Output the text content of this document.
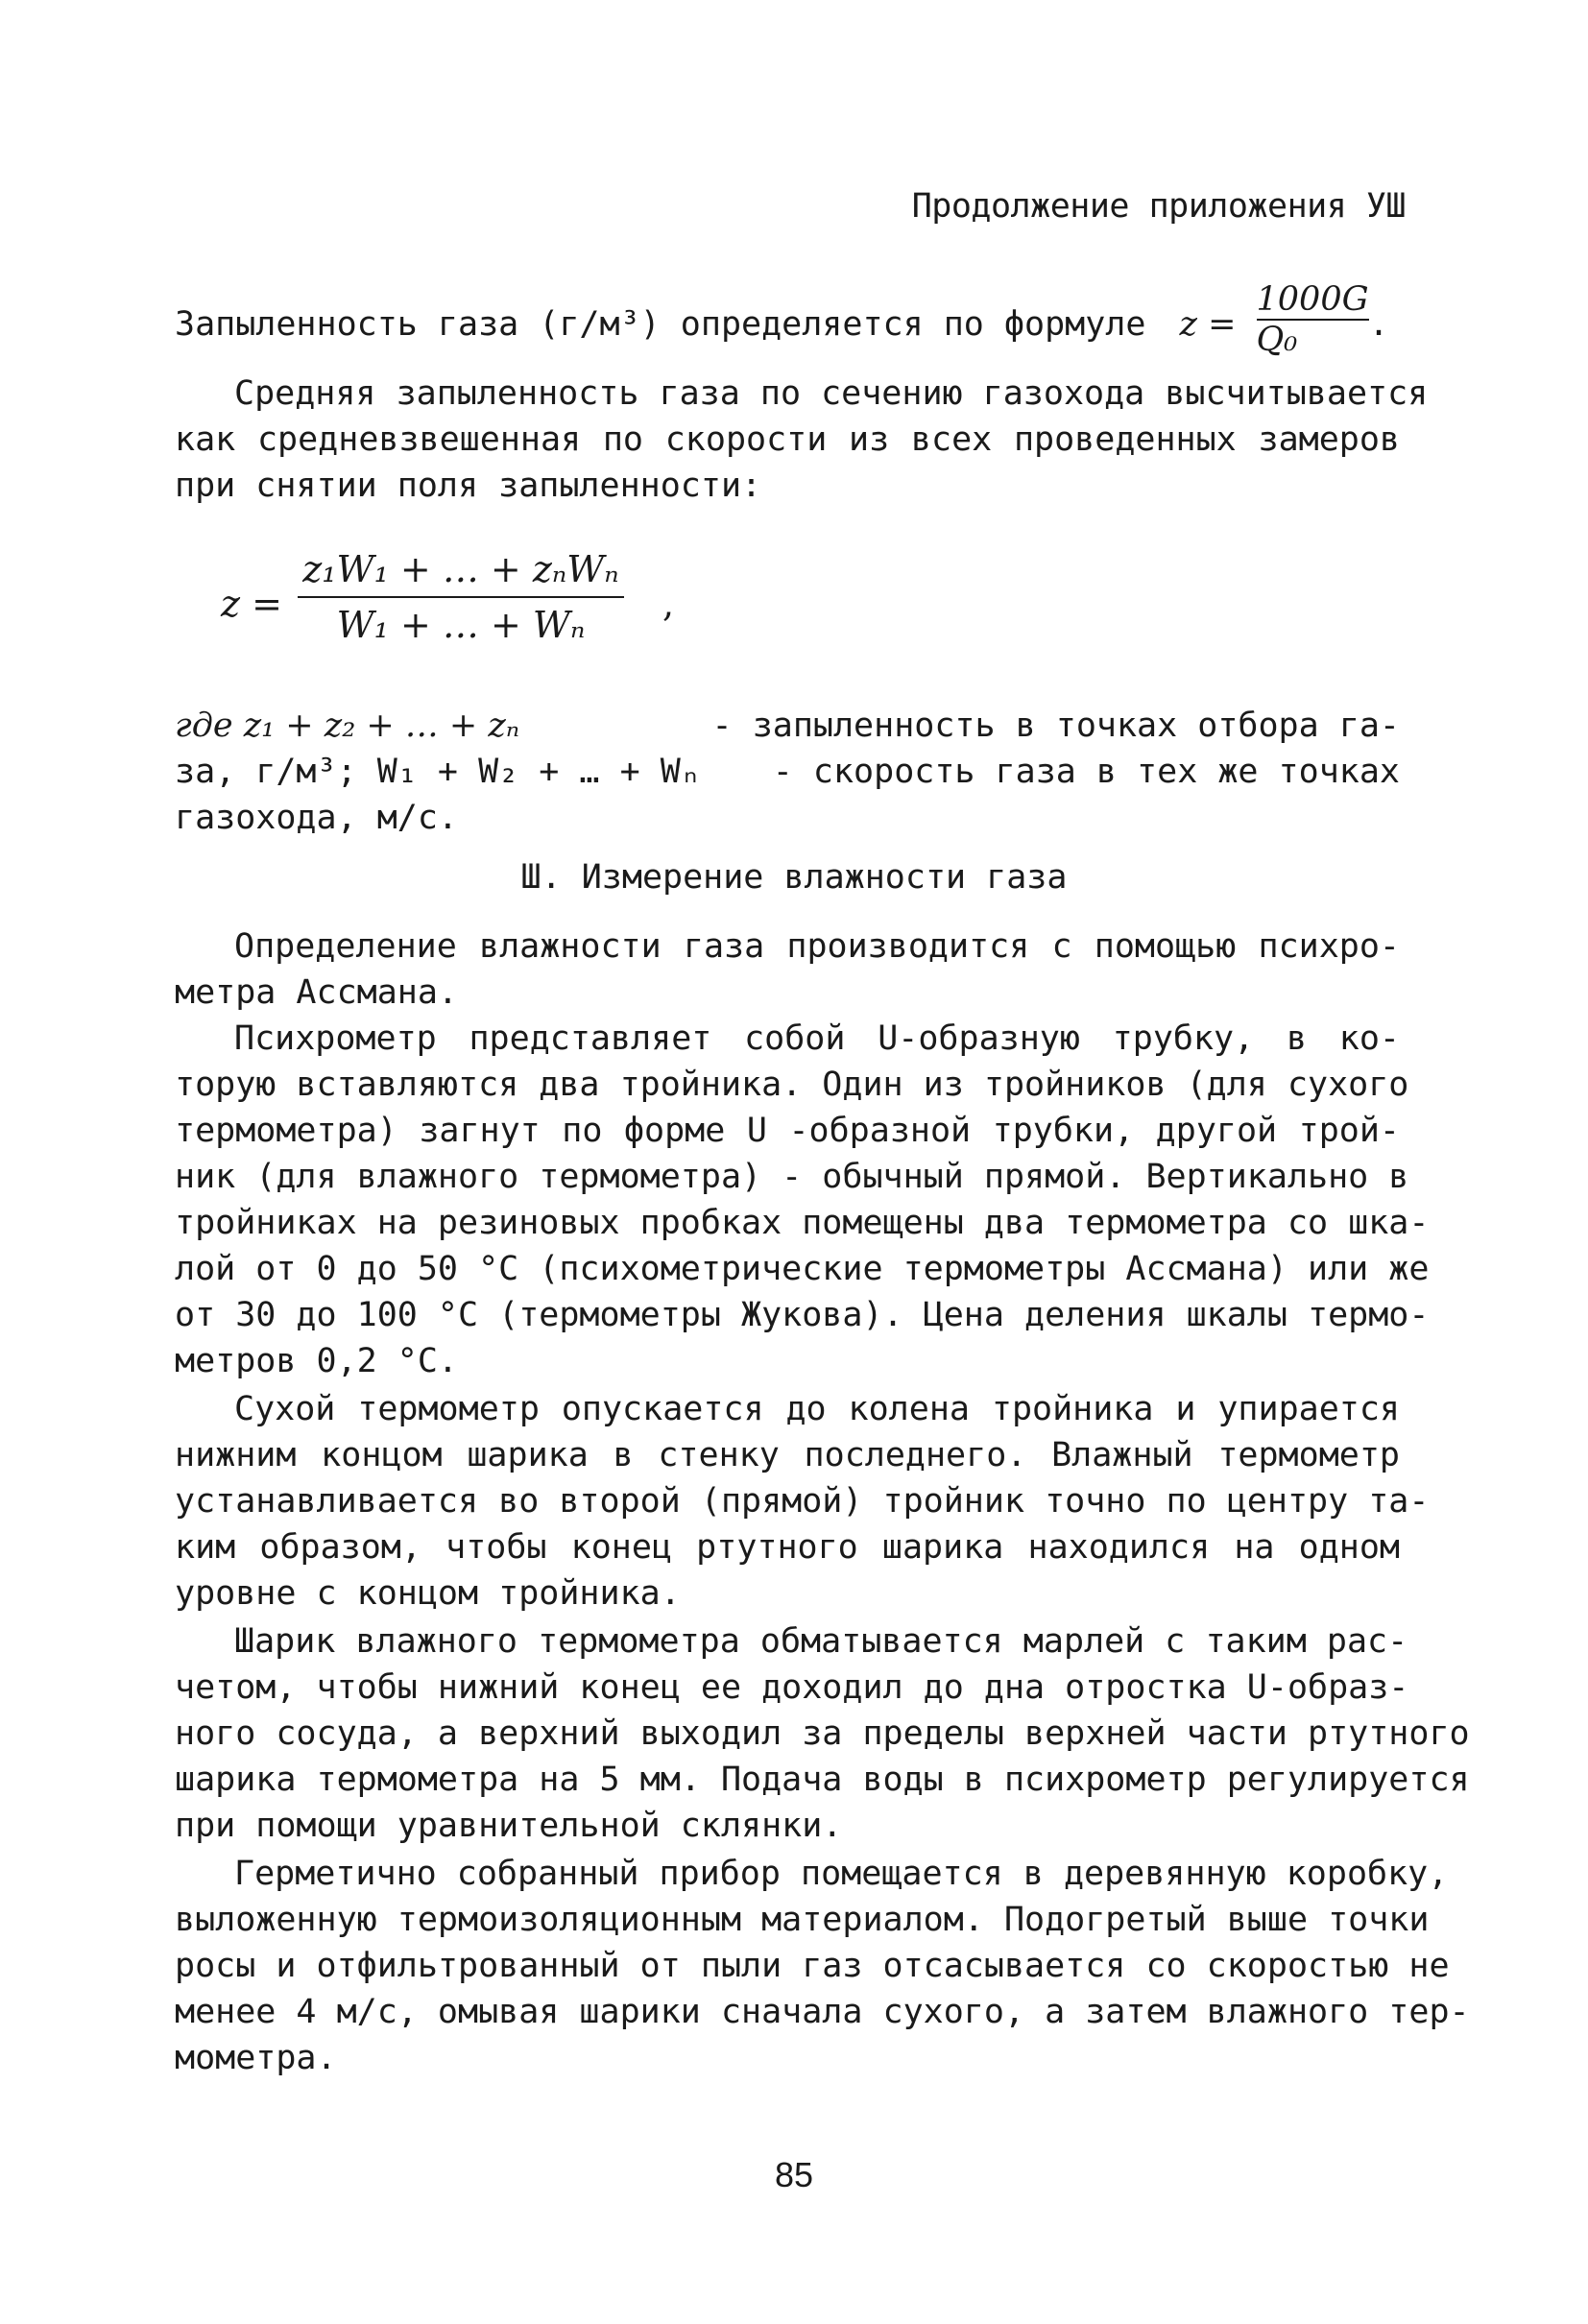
Продолжение приложения УШ
Запыленность газа (г/м³) определяется по формуле $z = \frac{1000G}{\text{Q₀}}$ .
Средняя запыленность газа по сечению газохода высчитывается
как средневзвешенная по скорости из всех проведенных замеров
при снятии поля запыленности:
z =
z₁W₁ + … + zₙWₙ
W₁ + … + Wₙ	,
где z₁ + z₂ + … + zₙ	- запыленность в точках отбора га-
за, г/м³; W₁ + W₂ + … + Wₙ - скорость газа в тех же точках
газохода, м/с.
Ш. Измерение влажности газа
Определение влажности газа производится с помощью психро-
метра Ассмана.
Психрометр представляет собой U-образную трубку, в ко-
торую вставляются два тройника. Один из тройников (для сухого
термометра) загнут по форме U -образной трубки, другой трой-
ник (для влажного термометра) - обычный прямой. Вертикально в
тройниках на резиновых пробках помещены два термометра со шка-
лой от 0 до 50 °С (психометрические термометры Ассмана) или же
от 30 до 100 °С (термометры Жукова). Цена деления шкалы термо-
метров 0,2 °С.
Сухой термометр опускается до колена тройника и упирается
нижним концом шарика в стенку последнего. Влажный термометр
устанавливается во второй (прямой) тройник точно по центру та-
ким образом, чтобы конец ртутного шарика находился на одном
уровне с концом тройника.
Шарик влажного термометра обматывается марлей с таким рас-
четом, чтобы нижний конец ее доходил до дна отростка U-образ-
ного сосуда, а верхний выходил за пределы верхней части ртутного
шарика термометра на 5 мм. Подача воды в психрометр регулируется
при помощи уравнительной склянки.
Герметично собранный прибор помещается в деревянную коробку,
выложенную термоизоляционным материалом. Подогретый выше точки
росы и отфильтрованный от пыли газ отсасывается со скоростью не
менее 4 м/с, омывая шарики сначала сухого, а затем влажного тер-
мометра.
85
